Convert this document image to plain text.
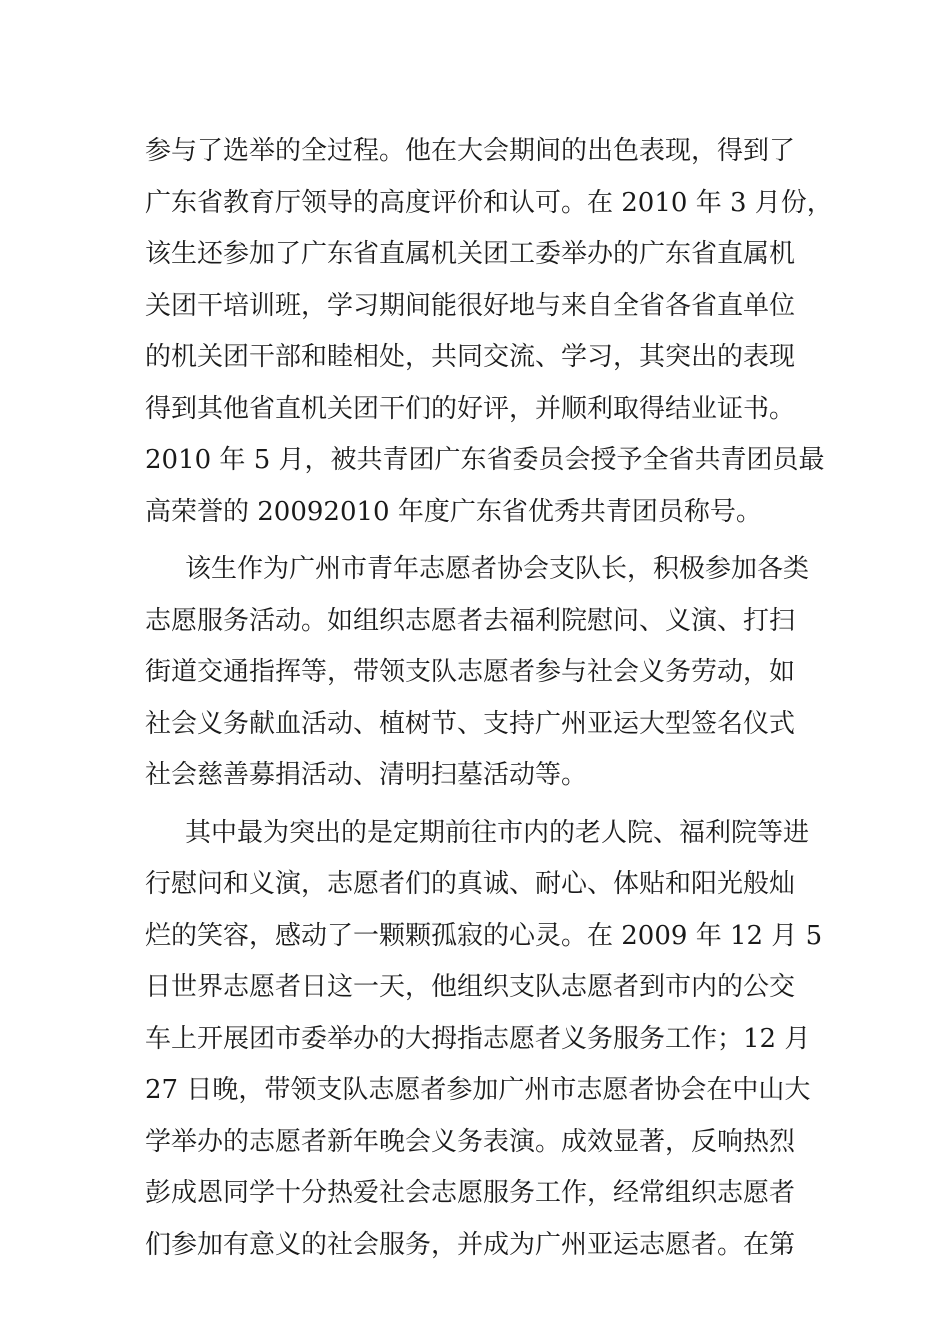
参与了选举的全过程。他在大会期间的出色表现，得到了
广东省教育厅领导的高度评价和认可。在 2010 年 3 月份，
该生还参加了广东省直属机关团工委举办的广东省直属机
关团干培训班，学习期间能很好地与来自全省各省直单位
的机关团干部和睦相处，共同交流、学习，其突出的表现
得到其他省直机关团干们的好评，并顺利取得结业证书。
2010 年 5 月，被共青团广东省委员会授予全省共青团员最
高荣誉的 20092010 年度广东省优秀共青团员称号。
该生作为广州市青年志愿者协会支队长，积极参加各类
志愿服务活动。如组织志愿者去福利院慰问、义演、打扫
街道交通指挥等，带领支队志愿者参与社会义务劳动，如
社会义务献血活动、植树节、支持广州亚运大型签名仪式
社会慈善募捐活动、清明扫墓活动等。
其中最为突出的是定期前往市内的老人院、福利院等进
行慰问和义演，志愿者们的真诚、耐心、体贴和阳光般灿
烂的笑容，感动了一颗颗孤寂的心灵。在 2009 年 12 月 5
日世界志愿者日这一天，他组织支队志愿者到市内的公交
车上开展团市委举办的大拇指志愿者义务服务工作；12 月
27 日晚，带领支队志愿者参加广州市志愿者协会在中山大
学举办的志愿者新年晚会义务表演。成效显著，反响热烈
彭成恩同学十分热爱社会志愿服务工作，经常组织志愿者
们参加有意义的社会服务，并成为广州亚运志愿者。在第
